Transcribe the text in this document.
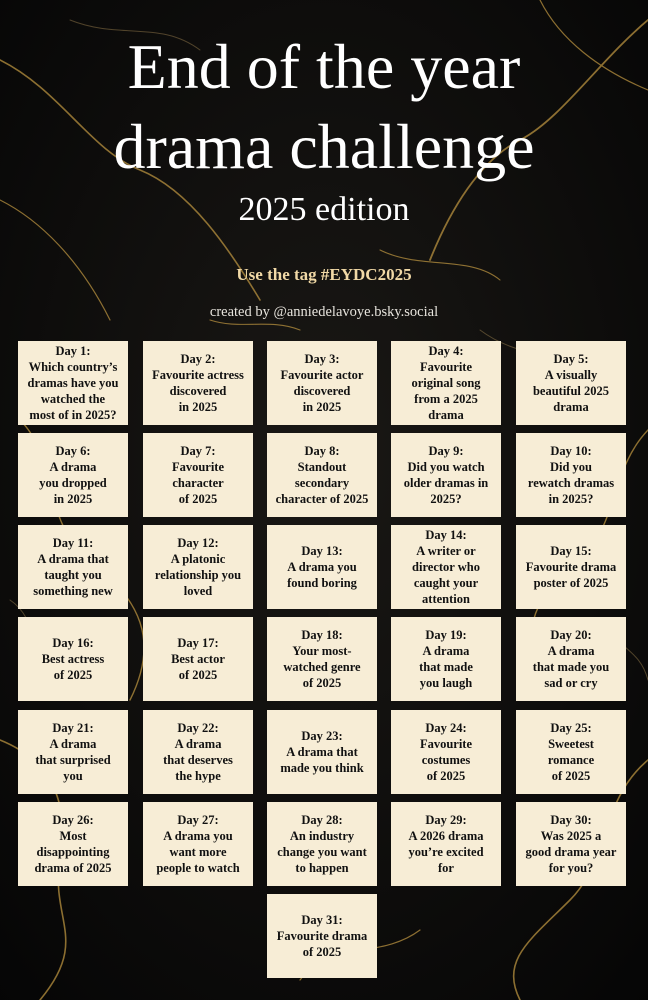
End of the year
drama challenge
2025 edition
Use the tag #EYDC2025
created by @anniedelavoye.bsky.social
Day 1:
Which country’s
dramas have you
watched the
most of in 2025?
Day 2:
Favourite actress
discovered
in 2025
Day 3:
Favourite actor
discovered
in 2025
Day 4:
Favourite
original song
from a 2025
drama
Day 5:
A visually
beautiful 2025
drama
Day 6:
A drama
you dropped
in 2025
Day 7:
Favourite
character
of 2025
Day 8:
Standout
secondary
character of 2025
Day 9:
Did you watch
older dramas in
2025?
Day 10:
Did you
rewatch dramas
in 2025?
Day 11:
A drama that
taught you
something new
Day 12:
A platonic
relationship you
loved
Day 13:
A drama you
found boring
Day 14:
A writer or
director who
caught your
attention
Day 15:
Favourite drama
poster of 2025
Day 16:
Best actress
of 2025
Day 17:
Best actor
of 2025
Day 18:
Your most-
watched genre
of 2025
Day 19:
A drama
that made
you laugh
Day 20:
A drama
that made you
sad or cry
Day 21:
A drama
that surprised
you
Day 22:
A drama
that deserves
the hype
Day 23:
A drama that
made you think
Day 24:
Favourite
costumes
of 2025
Day 25:
Sweetest
romance
of 2025
Day 26:
Most
disappointing
drama of 2025
Day 27:
A drama you
want more
people to watch
Day 28:
An industry
change you want
to happen
Day 29:
A 2026 drama
you’re excited
for
Day 30:
Was 2025 a
good drama year
for you?
Day 31:
Favourite drama
of 2025
